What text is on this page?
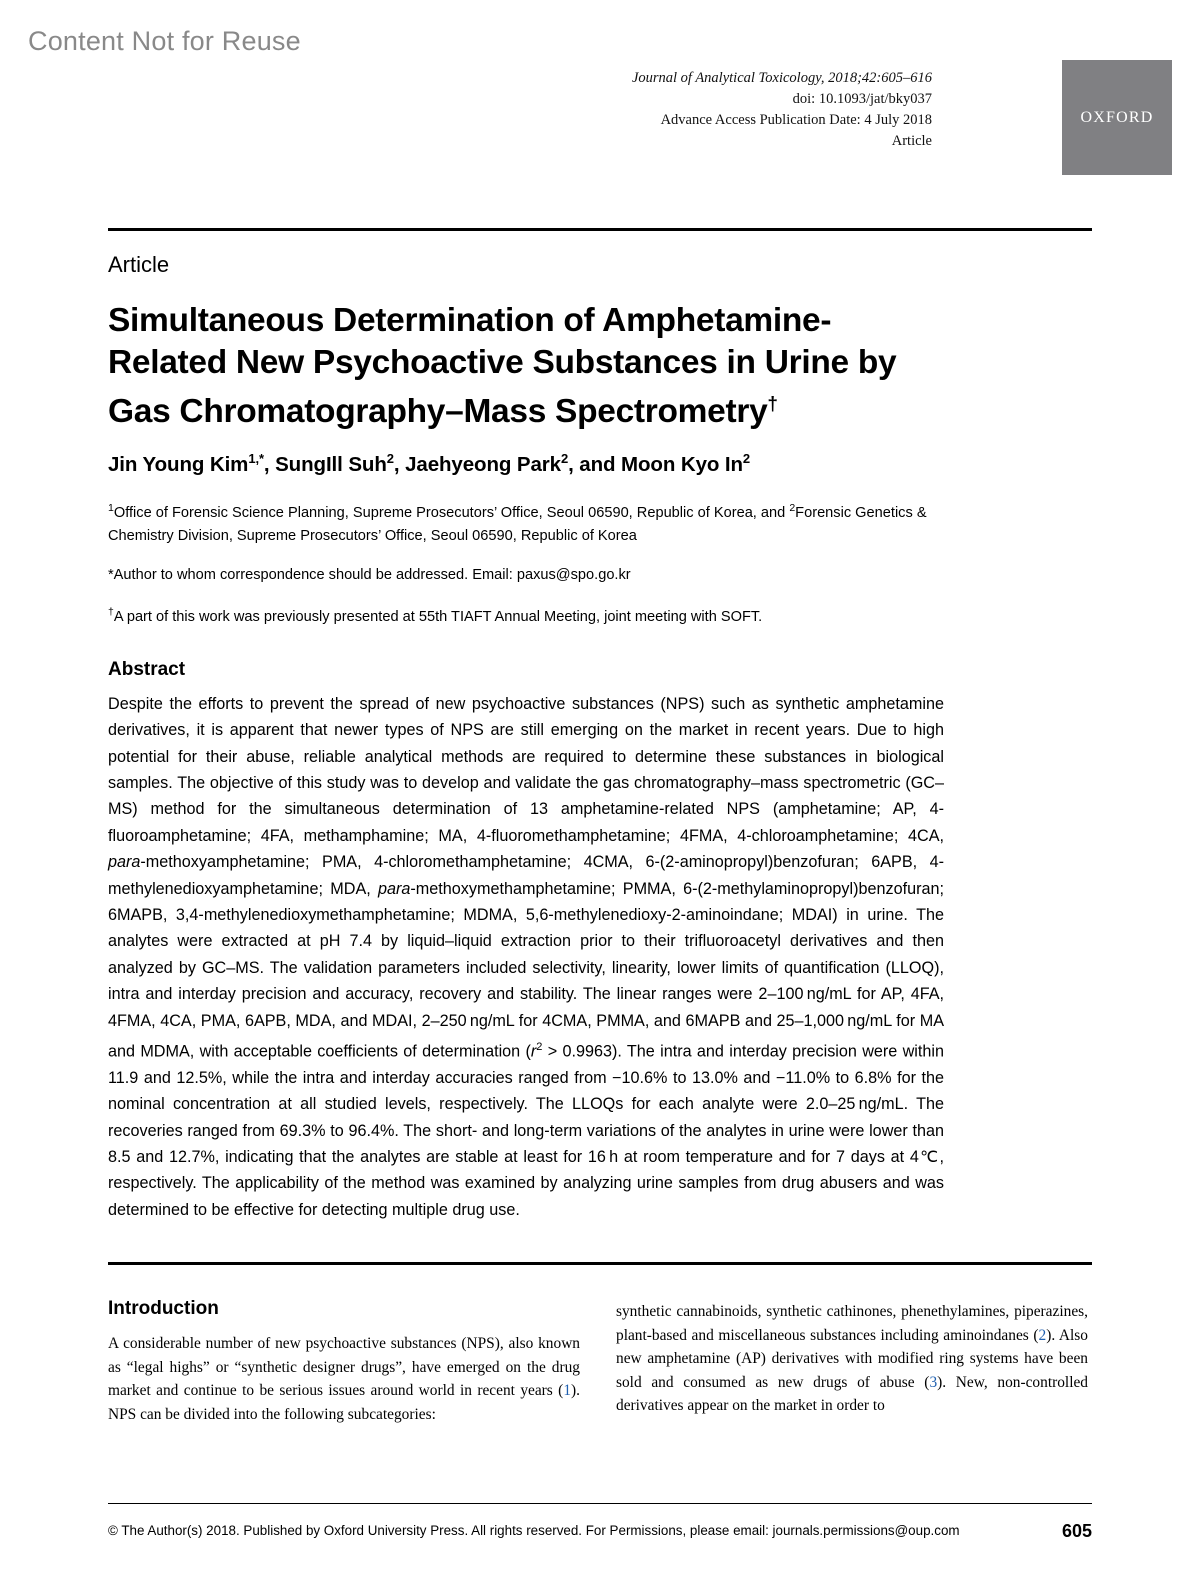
Content Not for Reuse
Journal of Analytical Toxicology, 2018;42:605–616
doi: 10.1093/jat/bky037
Advance Access Publication Date: 4 July 2018
Article
OXFORD

Article

Simultaneous Determination of Amphetamine- Related New Psychoactive Substances in Urine by Gas Chromatography–Mass Spectrometry†

Jin Young Kim$^{1,*}$, SungIll Suh$^2$, Jaehyeong Park$^2$, and Moon Kyo In$^2$

$^1$Office of Forensic Science Planning, Supreme Prosecutors’ Office, Seoul 06590, Republic of Korea, and $^2$Forensic Genetics & Chemistry Division, Supreme Prosecutors’ Office, Seoul 06590, Republic of Korea

*Author to whom correspondence should be addressed. Email: paxus@spo.go.kr

†A part of this work was previously presented at 55th TIAFT Annual Meeting, joint meeting with SOFT.

Abstract

Despite the efforts to prevent the spread of new psychoactive substances (NPS) such as synthetic amphetamine derivatives, it is apparent that newer types of NPS are still emerging on the market in recent years. Due to high potential for their abuse, reliable analytical methods are required to determine these substances in biological samples. The objective of this study was to develop and validate the gas chromatography–mass spectrometric (GC–MS) method for the simultaneous determination of 13 amphetamine-related NPS (amphetamine; AP, 4-fluoroamphetamine; 4FA, methamphamine; MA, 4-fluoromethamphetamine; 4FMA, 4-chloroamphetamine; 4CA, para-methoxyamphetamine; PMA, 4-chloromethamphetamine; 4CMA, 6-(2-aminopropyl)benzofuran; 6APB, 4-methylenedioxyamphetamine; MDA, para-methoxymethamphetamine; PMMA, 6-(2-methylaminopropyl)benzofuran; 6MAPB, 3,4-methylenedioxymethamphetamine; MDMA, 5,6-methylenedioxy-2-aminoindane; MDAI) in urine. The analytes were extracted at pH 7.4 by liquid–liquid extraction prior to their trifluoroacetyl derivatives and then analyzed by GC–MS. The validation parameters included selectivity, linearity, lower limits of quantification (LLOQ), intra and interday precision and accuracy, recovery and stability. The linear ranges were 2–100 ng/mL for AP, 4FA, 4FMA, 4CA, PMA, 6APB, MDA, and MDAI, 2–250 ng/mL for 4CMA, PMMA, and 6MAPB and 25–1,000 ng/mL for MA and MDMA, with acceptable coefficients of determination $(r^2 > 0.9963)$. The intra and interday precision were within 11.9 and 12.5%, while the intra and interday accuracies ranged from −10.6% to 13.0% and −11.0% to 6.8% for the nominal concentration at all studied levels, respectively. The LLOQs for each analyte were 2.0–25 ng/mL. The recoveries ranged from 69.3% to 96.4%. The short- and long-term variations of the analytes in urine were lower than 8.5 and 12.7%, indicating that the analytes are stable at least for 16 h at room temperature and for 7 days at 4℃, respectively. The applicability of the method was examined by analyzing urine samples from drug abusers and was determined to be effective for detecting multiple drug use.

Introduction

A considerable number of new psychoactive substances (NPS), also known as “legal highs” or “synthetic designer drugs”, have emerged on the drug market and continue to be serious issues around world in recent years (1). NPS can be divided into the following subcategories:

synthetic cannabinoids, synthetic cathinones, phenethylamines, piperazines, plant-based and miscellaneous substances including aminoindanes (2). Also new amphetamine (AP) derivatives with modified ring systems have been sold and consumed as new drugs of abuse (3). New, non-controlled derivatives appear on the market in order to

© The Author(s) 2018. Published by Oxford University Press. All rights reserved. For Permissions, please email: journals.permissions@oup.com	605
